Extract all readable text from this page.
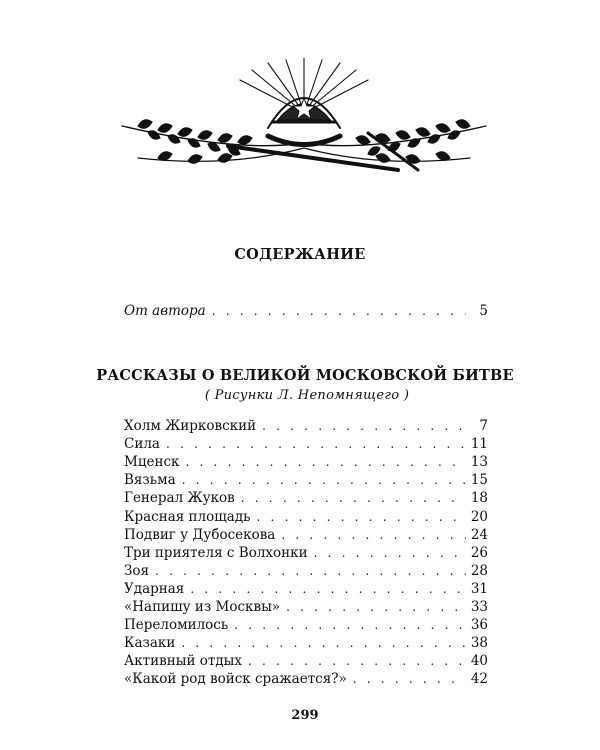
СОДЕРЖАНИЕ
От автора . . .	5
РАССКАЗЫ О ВЕЛИКОЙ МОСКОВСКОЙ БИТВЕ
( Рисунки Л. Непомнящего )
Холм Жирковский . . .	7
Сила . . .	11
Мценск . . .	13
Вязьма . . .	15
Генерал Жуков . . .	18
Красная площадь . . .	20
Подвиг у Дубосекова . . .	24
Три приятеля с Волхонки . . .	26
Зоя . . .	28
Ударная . . .	31
«Напишу из Москвы» . . .	33
Переломилось . . .	36
Казаки . . .	38
Активный отдых . . .	40
«Какой род войск сражается?» . . .	42
299
